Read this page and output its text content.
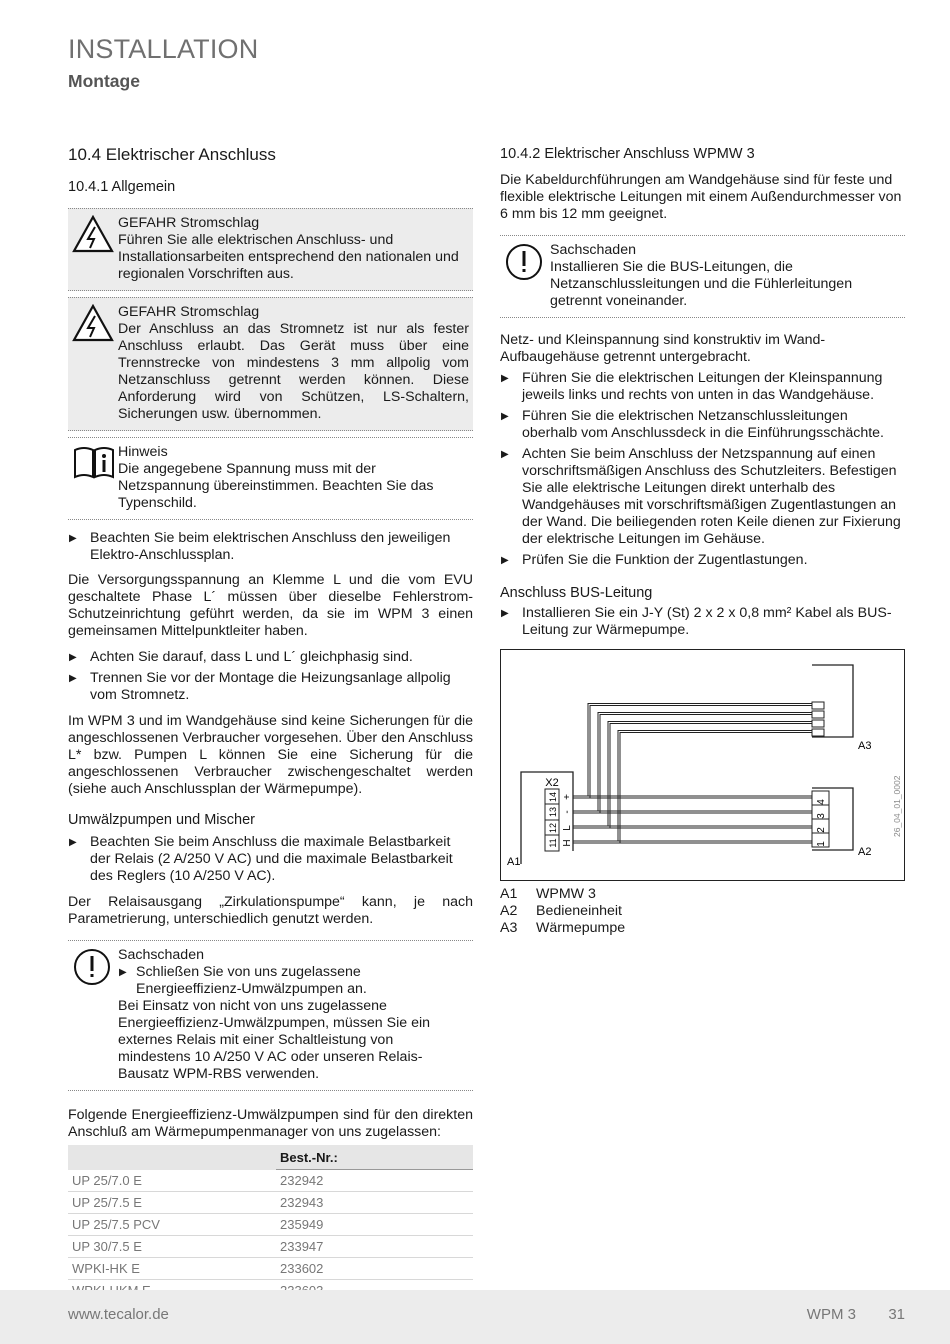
INSTALLATION
Montage
10.4 Elektrischer Anschluss
10.4.1 Allgemein

GEFAHR Stromschlag

Führen Sie alle elektrischen Anschluss- und Installationsarbeiten entsprechend den nationalen und regionalen Vorschriften aus.

GEFAHR Stromschlag

Der Anschluss an das Stromnetz ist nur als fester Anschluss erlaubt. Das Gerät muss über eine Trennstrecke von mindestens 3 mm allpolig vom Netzanschluss getrennt werden können. Diese Anforderung wird von Schützen, LS-Schaltern, Sicherungen usw. übernommen.

Hinweis

Die angegebene Spannung muss mit der Netzspannung übereinstimmen. Beachten Sie das Typenschild.

▶ Beachten Sie beim elektrischen Anschluss den jeweiligen Elektro-Anschlussplan.

Die Versorgungsspannung an Klemme L und die vom EVU geschaltete Phase L´ müssen über dieselbe Fehlerstrom-Schutzeinrichtung geführt werden, da sie im WPM 3 einen gemeinsamen Mittelpunktleiter haben.

▶ Achten Sie darauf, dass L und L´ gleichphasig sind.
▶ Trennen Sie vor der Montage die Heizungsanlage allpolig vom Stromnetz.

Im WPM 3 und im Wandgehäuse sind keine Sicherungen für die angeschlossenen Verbraucher vorgesehen. Über den Anschluss L* bzw. Pumpen L können Sie eine Sicherung für die angeschlossenen Verbraucher zwischengeschaltet werden (siehe auch Anschlussplan der Wärmepumpe).

Umwälzpumpen und Mischer
▶ Beachten Sie beim Anschluss die maximale Belastbarkeit der Relais (2 A/250 V AC) und die maximale Belastbarkeit des Reglers (10 A/250 V AC).

Der Relaisausgang „Zirkulationspumpe“ kann, je nach Parametrierung, unterschiedlich genutzt werden.

Sachschaden

▶ Schließen Sie von uns zugelassene Energieeffizienz-Umwälzpumpen an.

Bei Einsatz von nicht von uns zugelassene Energieeffizienz-Umwälzpumpen, müssen Sie ein externes Relais mit einer Schaltleistung von mindestens 10 A/250 V AC oder unseren Relais-Bausatz WPM-RBS verwenden.

Folgende Energieeffizienz-Umwälzpumpen sind für den direkten Anschluß am Wärmepumpenmanager von uns zugelassen:

	Best.-Nr.:
UP 25/7.0 E	232942
UP 25/7.5 E	232943
UP 25/7.5 PCV	235949
UP 30/7.5 E	233947
WPKI-HK E	233602

10.4.2 Elektrischer Anschluss WPMW 3

Die Kabeldurchführungen am Wandgehäuse sind für feste und flexible elektrische Leitungen mit einem Außendurchmesser von 6 mm bis 12 mm geeignet.

Sachschaden

Installieren Sie die BUS-Leitungen, die Netzanschlussleitungen und die Fühlerleitungen getrennt voneinander.

Netz- und Kleinspannung sind konstruktiv im Wand-Aufbaugehäuse getrennt untergebracht.

▶ Führen Sie die elektrischen Leitungen der Kleinspannung jeweils links und rechts von unten in das Wandgehäuse.
▶ Führen Sie die elektrischen Netzanschlussleitungen oberhalb vom Anschlussdeck in die Einführungsschächte.
▶ Achten Sie beim Anschluss der Netzspannung auf einen vorschriftsmäßigen Anschluss des Schutzleiters. Befestigen Sie alle elektrische Leitungen direkt unterhalb des Wandgehäuses mit vorschriftsmäßigen Zugentlastungen an der Wand. Die beiliegenden roten Keile dienen zur Fixierung der elektrische Leitungen im Gehäuse.
▶ Prüfen Sie die Funktion der Zugentlastungen.
Anschluss BUS-Leitung
▶ Installieren Sie ein J-Y (St) 2 x 2 x 0,8 mm² Kabel als BUS-Leitung zur Wärmepumpe.
A3
4
3
2
1
A2
X2
14
13
12
11
+
-
L
H
A1
26_04_01_0002
A1	WPMW 3
A2	Bedieneinheit
A3	Wärmepumpe
www.tecalor.de	WPM 3 31
